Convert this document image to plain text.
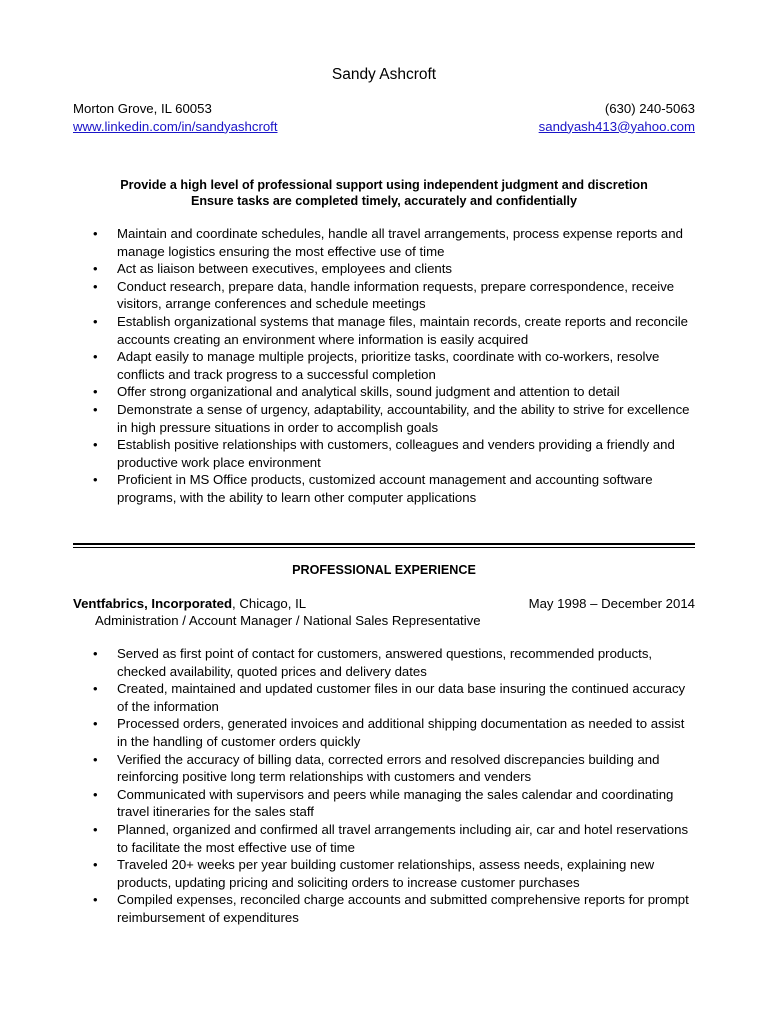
Sandy Ashcroft
Morton Grove, IL 60053
www.linkedin.com/in/sandyashcroft
(630) 240-5063
sandyash413@yahoo.com
Provide a high level of professional support using independent judgment and discretion
Ensure tasks are completed timely, accurately and confidentially
• Maintain and coordinate schedules, handle all travel arrangements, process expense reports and manage logistics ensuring the most effective use of time
• Act as liaison between executives, employees and clients
• Conduct research, prepare data, handle information requests, prepare correspondence, receive visitors, arrange conferences and schedule meetings
• Establish organizational systems that manage files, maintain records, create reports and reconcile accounts creating an environment where information is easily acquired
• Adapt easily to manage multiple projects, prioritize tasks, coordinate with co-workers, resolve conflicts and track progress to a successful completion
• Offer strong organizational and analytical skills, sound judgment and attention to detail
• Demonstrate a sense of urgency, adaptability, accountability, and the ability to strive for excellence in high pressure situations in order to accomplish goals
• Establish positive relationships with customers, colleagues and venders providing a friendly and productive work place environment
• Proficient in MS Office products, customized account management and accounting software programs, with the ability to learn other computer applications
PROFESSIONAL EXPERIENCE
Ventfabrics, Incorporated, Chicago, IL	May 1998 – December 2014
Administration / Account Manager / National Sales Representative
• Served as first point of contact for customers, answered questions, recommended products, checked availability, quoted prices and delivery dates
• Created, maintained and updated customer files in our data base insuring the continued accuracy of the information
• Processed orders, generated invoices and additional shipping documentation as needed to assist in the handling of customer orders quickly
• Verified the accuracy of billing data, corrected errors and resolved discrepancies building and reinforcing positive long term relationships with customers and venders
• Communicated with supervisors and peers while managing the sales calendar and coordinating travel itineraries for the sales staff
• Planned, organized and confirmed all travel arrangements including air, car and hotel reservations to facilitate the most effective use of time
• Traveled 20+ weeks per year building customer relationships, assess needs, explaining new products, updating pricing and soliciting orders to increase customer purchases
• Compiled expenses, reconciled charge accounts and submitted comprehensive reports for prompt reimbursement of expenditures
